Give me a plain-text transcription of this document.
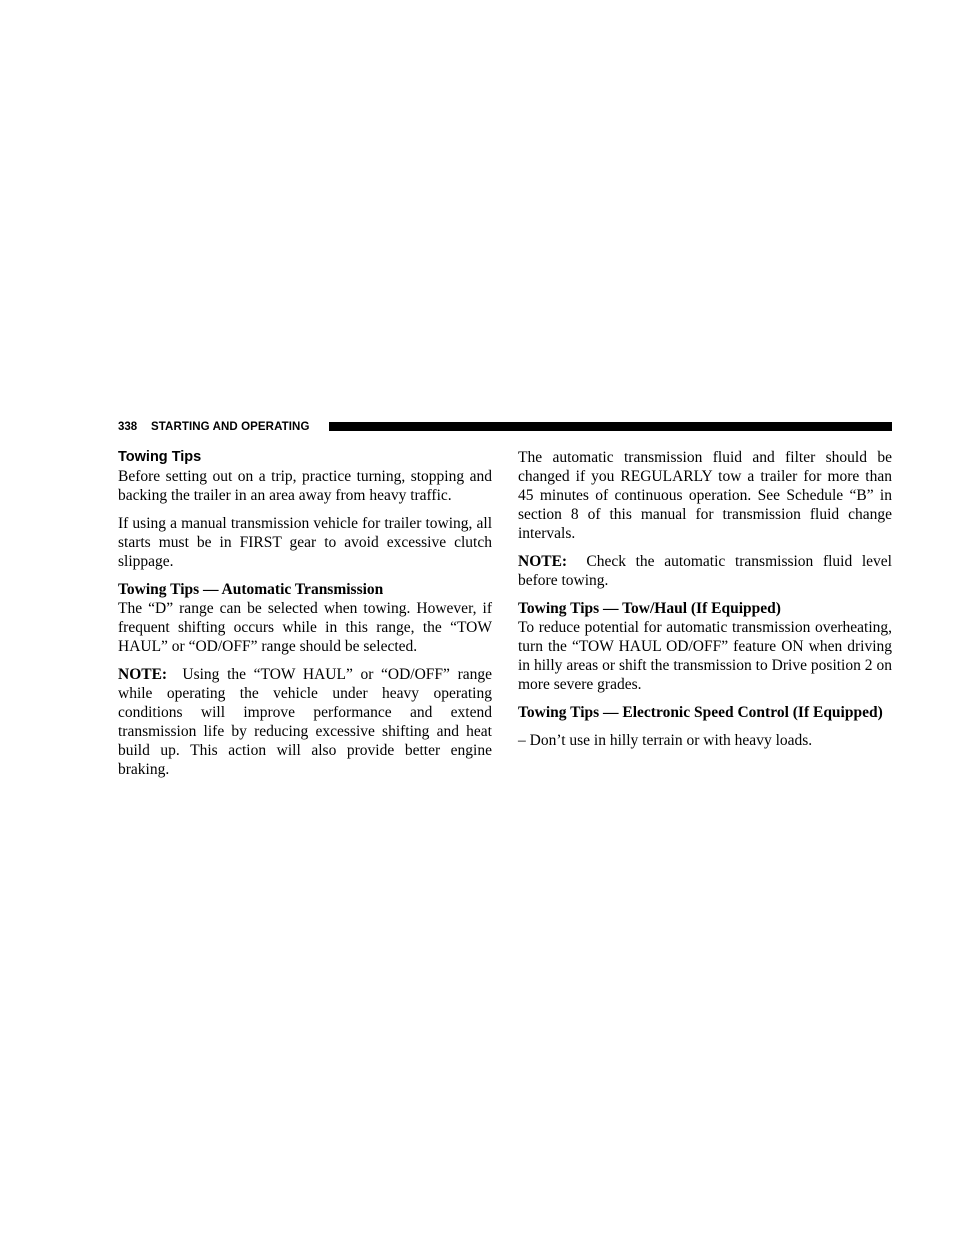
338 STARTING AND OPERATING
Towing Tips

Before setting out on a trip, practice turning, stopping and backing the trailer in an area away from heavy traffic.

If using a manual transmission vehicle for trailer towing, all starts must be in FIRST gear to avoid excessive clutch slippage.

Towing Tips — Automatic Transmission

The “D” range can be selected when towing. However, if frequent shifting occurs while in this range, the “TOW HAUL” or “OD/OFF” range should be selected.

NOTE: Using the “TOW HAUL” or “OD/OFF” range while operating the vehicle under heavy operating conditions will improve performance and extend transmission life by reducing excessive shifting and heat build up. This action will also provide better engine braking.

The automatic transmission fluid and filter should be changed if you REGULARLY tow a trailer for more than 45 minutes of continuous operation. See Schedule “B” in section 8 of this manual for transmission fluid change intervals.

NOTE: Check the automatic transmission fluid level before towing.

Towing Tips — Tow/Haul (If Equipped)

To reduce potential for automatic transmission overheating, turn the “TOW HAUL OD/OFF” feature ON when driving in hilly areas or shift the transmission to Drive position 2 on more severe grades.

Towing Tips — Electronic Speed Control (If Equipped)

– Don’t use in hilly terrain or with heavy loads.
